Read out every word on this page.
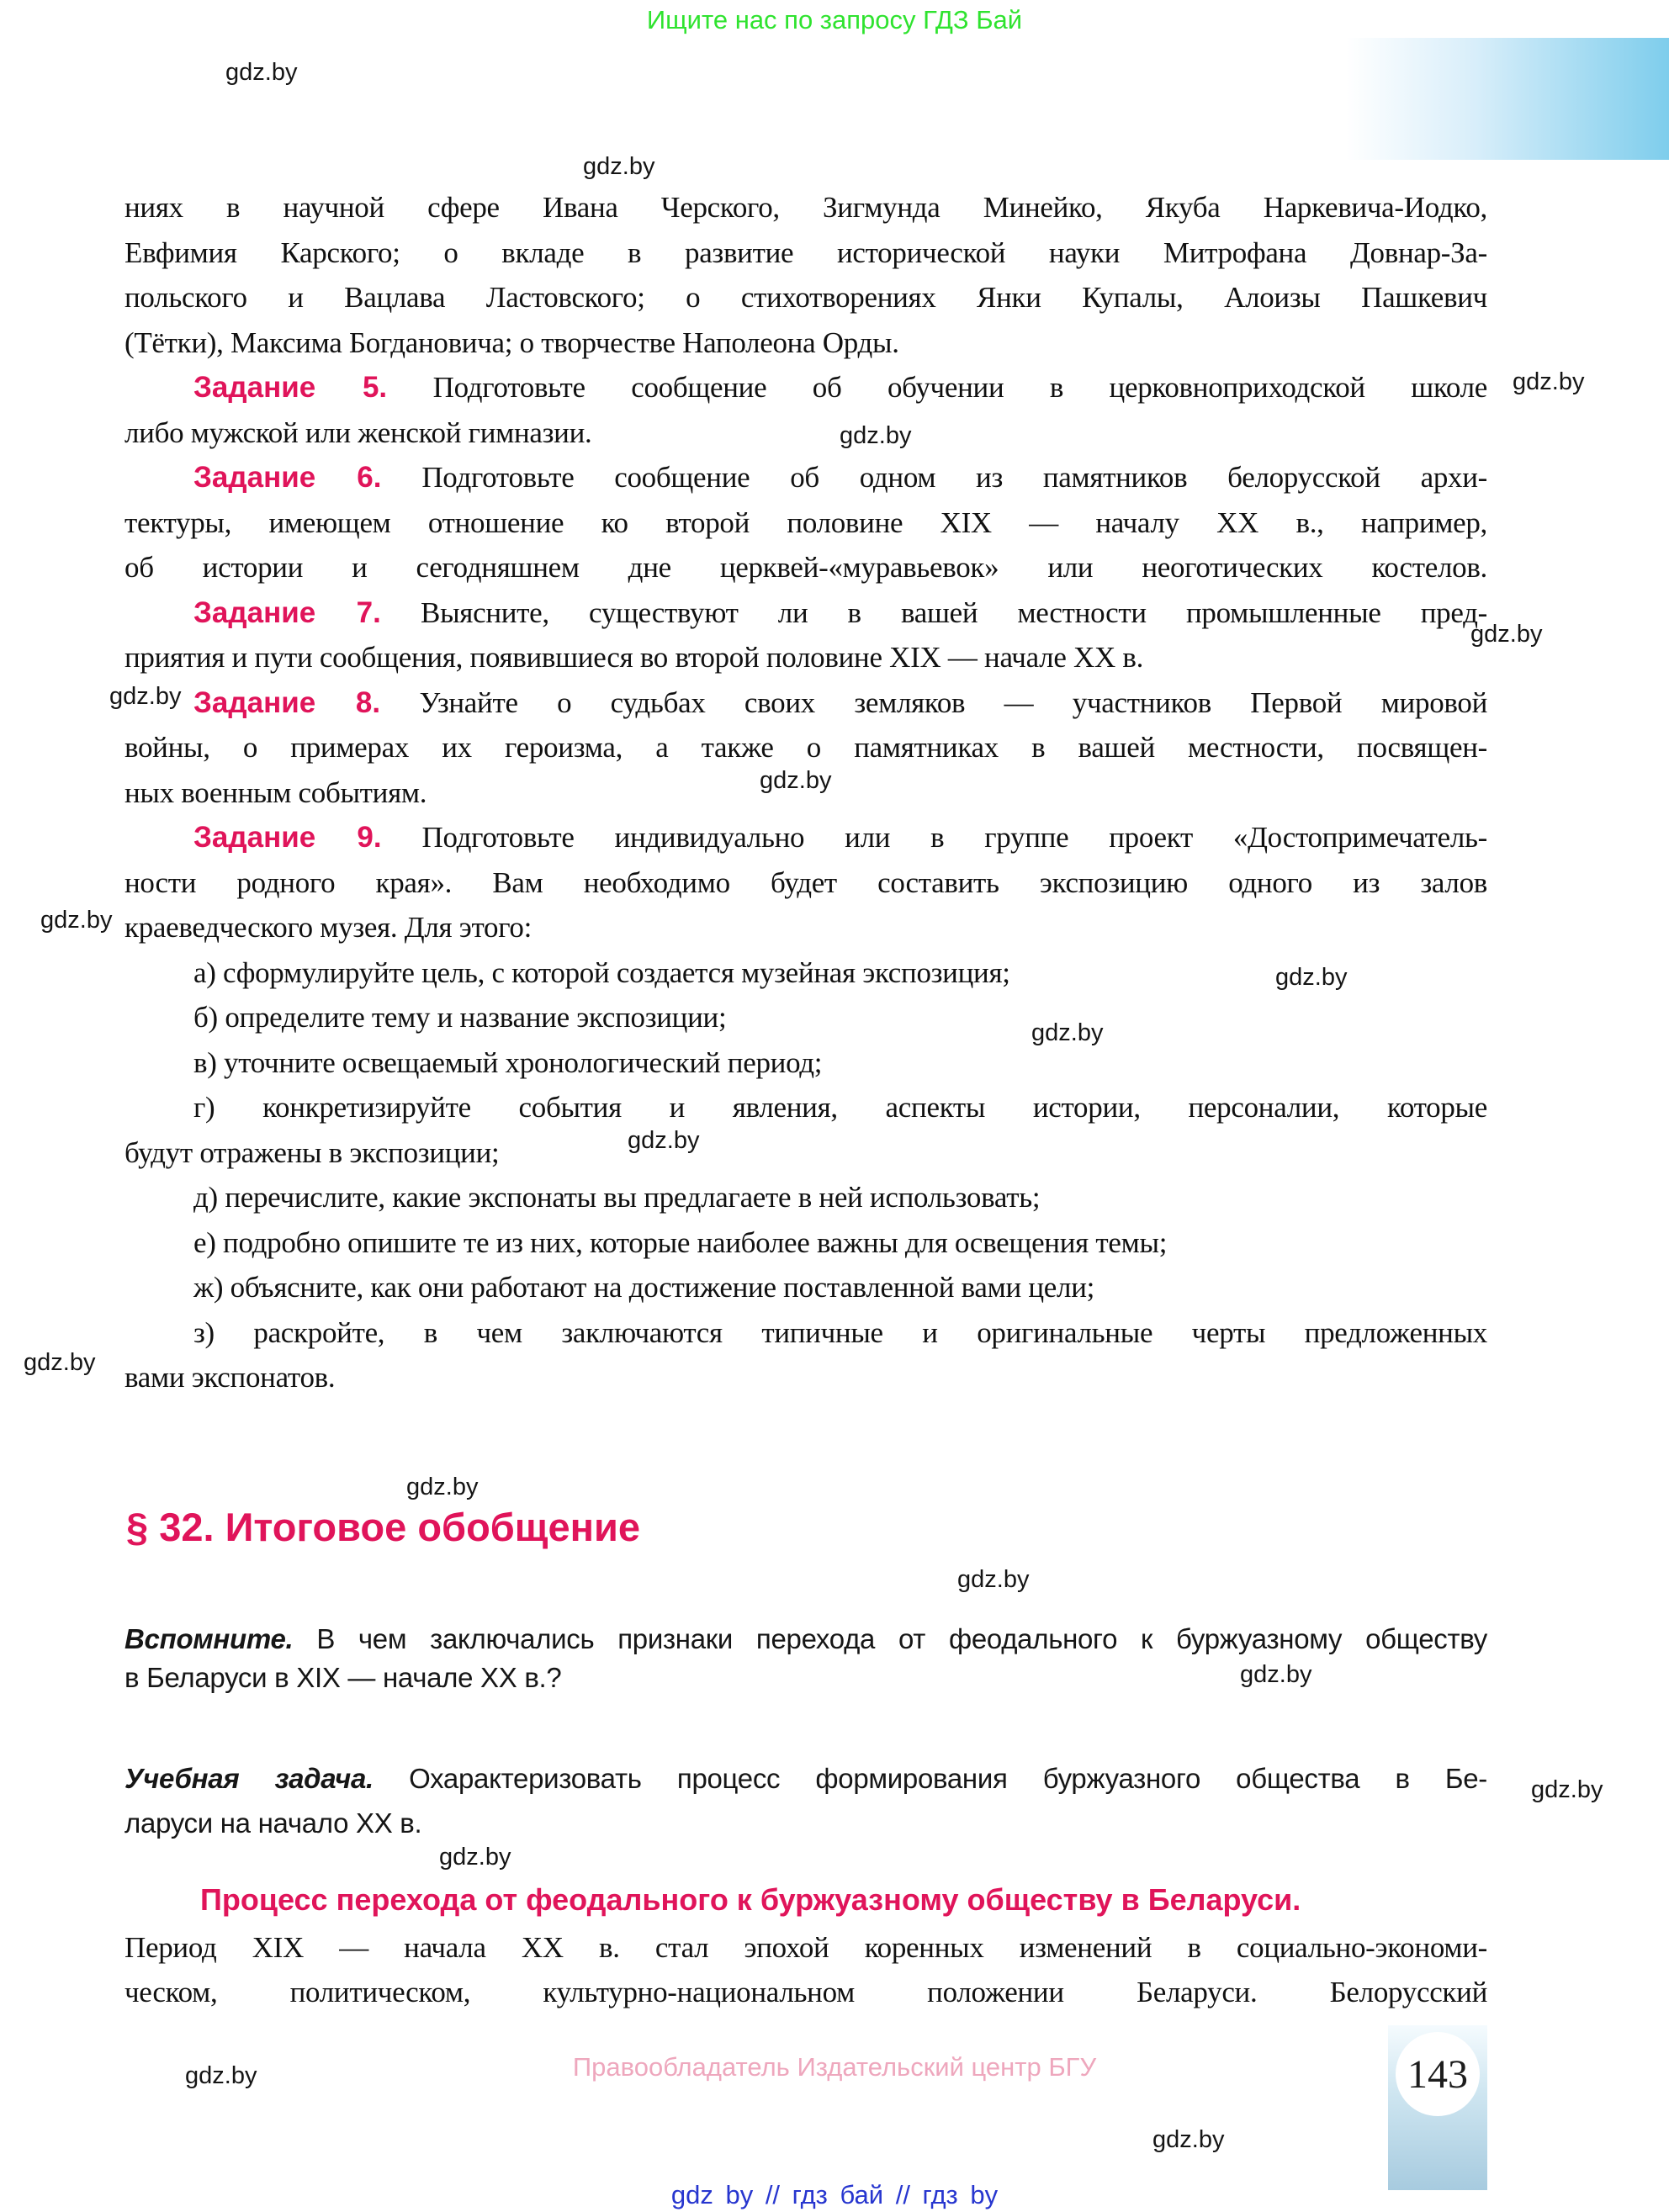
Ищите нас по запросу ГДЗ Бай
gdz.by
gdz.by
gdz.by
gdz.by
gdz.by
gdz.by
gdz.by
gdz.by
gdz.by
gdz.by
gdz.by
gdz.by
gdz.by
gdz.by
gdz.by
gdz.by
gdz.by
gdz.by
gdz.by
ниях в научной сфере Ивана Черского, Зигмунда Минейко, Якуба Наркевича-Иодко,
Евфимия Карского; о вкладе в развитие исторической науки Митрофана Довнар-За-
польского и Вацлава Ластовского; о стихотворениях Янки Купалы, Алоизы Пашкевич
(Тётки), Максима Богдановича; о творчестве Наполеона Орды.
Задание 5. Подготовьте сообщение об обучении в церковноприходской школе
либо мужской или женской гимназии.
Задание 6. Подготовьте сообщение об одном из памятников белорусской архи-
тектуры, имеющем отношение ко второй половине XIX — началу XX в., например,
об истории и сегодняшнем дне церквей-«муравьевок» или неоготических костелов.
Задание 7. Выясните, существуют ли в вашей местности промышленные пред-
приятия и пути сообщения, появившиеся во второй половине XIX — начале XX в.
Задание 8. Узнайте о судьбах своих земляков — участников Первой мировой
войны, о примерах их героизма, а также о памятниках в вашей местности, посвящен-
ных военным событиям.
Задание 9. Подготовьте индивидуально или в группе проект «Достопримечатель-
ности родного края». Вам необходимо будет составить экспозицию одного из залов
краеведческого музея. Для этого:
а) сформулируйте цель, с которой создается музейная экспозиция;
б) определите тему и название экспозиции;
в) уточните освещаемый хронологический период;
г) конкретизируйте события и явления, аспекты истории, персоналии, которые
будут отражены в экспозиции;
д) перечислите, какие экспонаты вы предлагаете в ней использовать;
е) подробно опишите те из них, которые наиболее важны для освещения темы;
ж) объясните, как они работают на достижение поставленной вами цели;
з) раскройте, в чем заключаются типичные и оригинальные черты предложенных
вами экспонатов.
§ 32. Итоговое обобщение
Вспомните. В чем заключались признаки перехода от феодального к буржуазному обществу
в Беларуси в XIX — начале XX в.?
Учебная задача. Охарактеризовать процесс формирования буржуазного общества в Бе-
ларуси на начало XX в.
Процесс перехода от феодального к буржуазному обществу в Беларуси.
Период XIX — начала XX в. стал эпохой коренных изменений в социально-экономи-
ческом, политическом, культурно-национальном положении Беларуси. Белорусский
Правообладатель Издательский центр БГУ	143
gdz by // гдз бай // гдз by
